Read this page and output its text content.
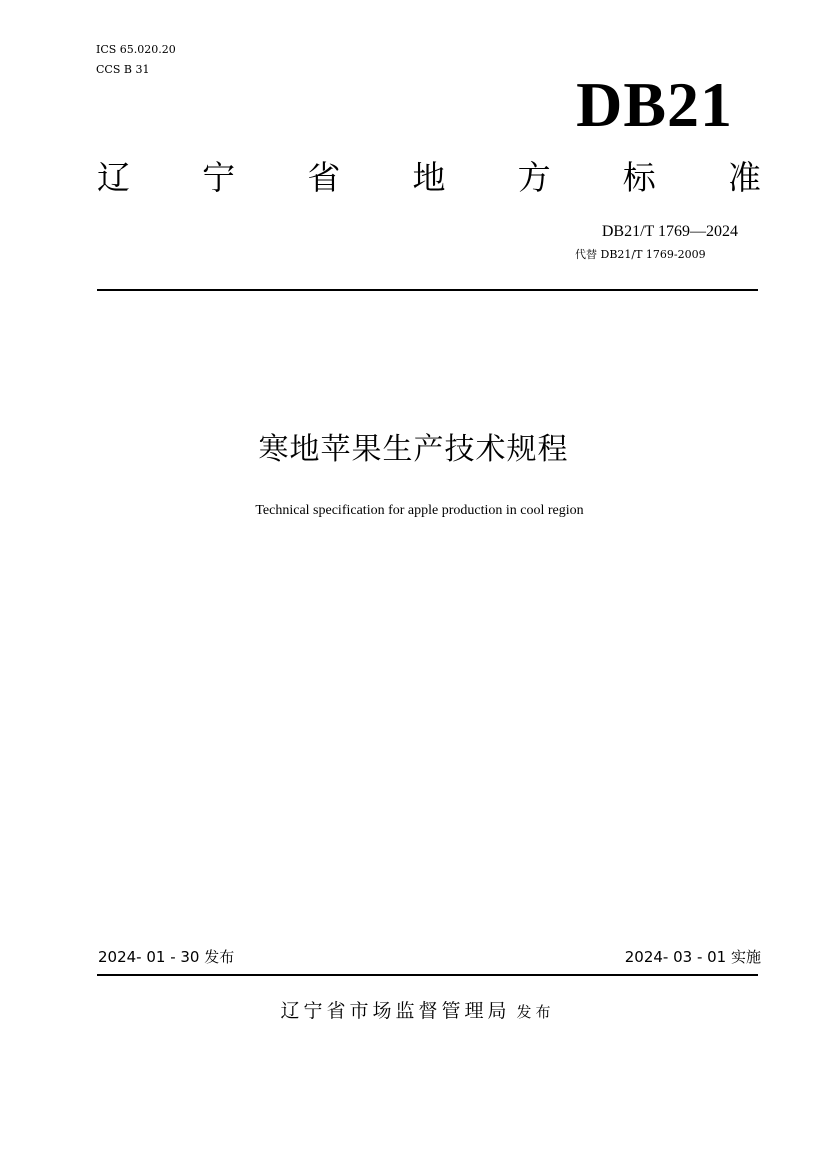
ICS 65.020.20
CCS B 31	DB21
辽 宁 省 地 方 标 准
DB21/T 1769—2024
代替 DB21/T 1769-2009
寒地苹果生产技术规程
Technical specification for apple production in cool region
2024- 01 - 30 发布	2024- 03 - 01 实施
辽宁省市场监督管理局 发布
